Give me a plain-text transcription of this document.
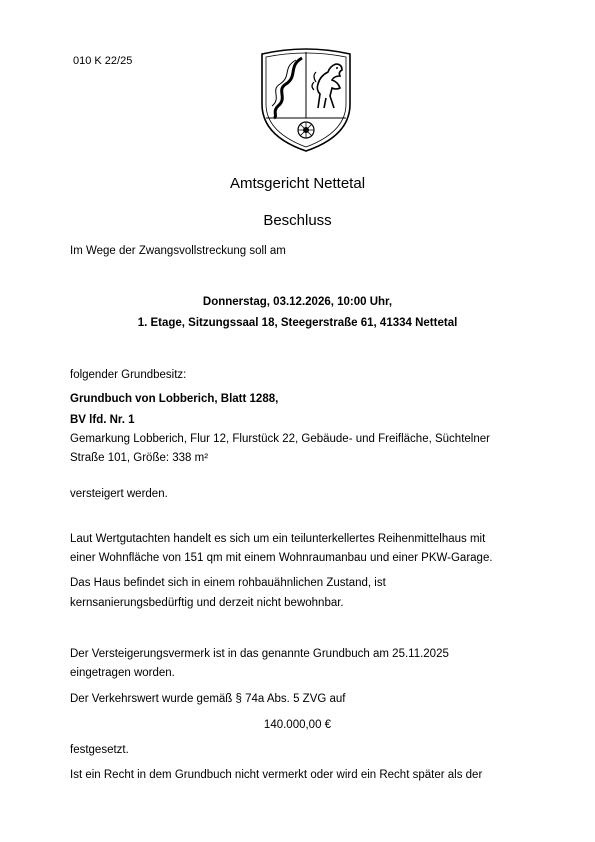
010 K 22/25
Amtsgericht Nettetal
Beschluss
Im Wege der Zwangsvollstreckung soll am
Donnerstag, 03.12.2026, 10:00 Uhr,
1. Etage, Sitzungssaal 18, Steegerstraße 61, 41334 Nettetal
folgender Grundbesitz:
Grundbuch von Lobberich, Blatt 1288,
BV lfd. Nr. 1
Gemarkung Lobberich, Flur 12, Flurstück 22, Gebäude- und Freifläche, Süchtelner
Straße 101, Größe: 338 m²
versteigert werden.
Laut Wertgutachten handelt es sich um ein teilunterkellertes Reihenmittelhaus mit
einer Wohnfläche von 151 qm mit einem Wohnraumanbau und einer PKW-Garage.
Das Haus befindet sich in einem rohbauähnlichen Zustand, ist
kernsanierungsbedürftig und derzeit nicht bewohnbar.
Der Versteigerungsvermerk ist in das genannte Grundbuch am 25.11.2025
eingetragen worden.
Der Verkehrswert wurde gemäß § 74a Abs. 5 ZVG auf
140.000,00 €
festgesetzt.
Ist ein Recht in dem Grundbuch nicht vermerkt oder wird ein Recht später als der
